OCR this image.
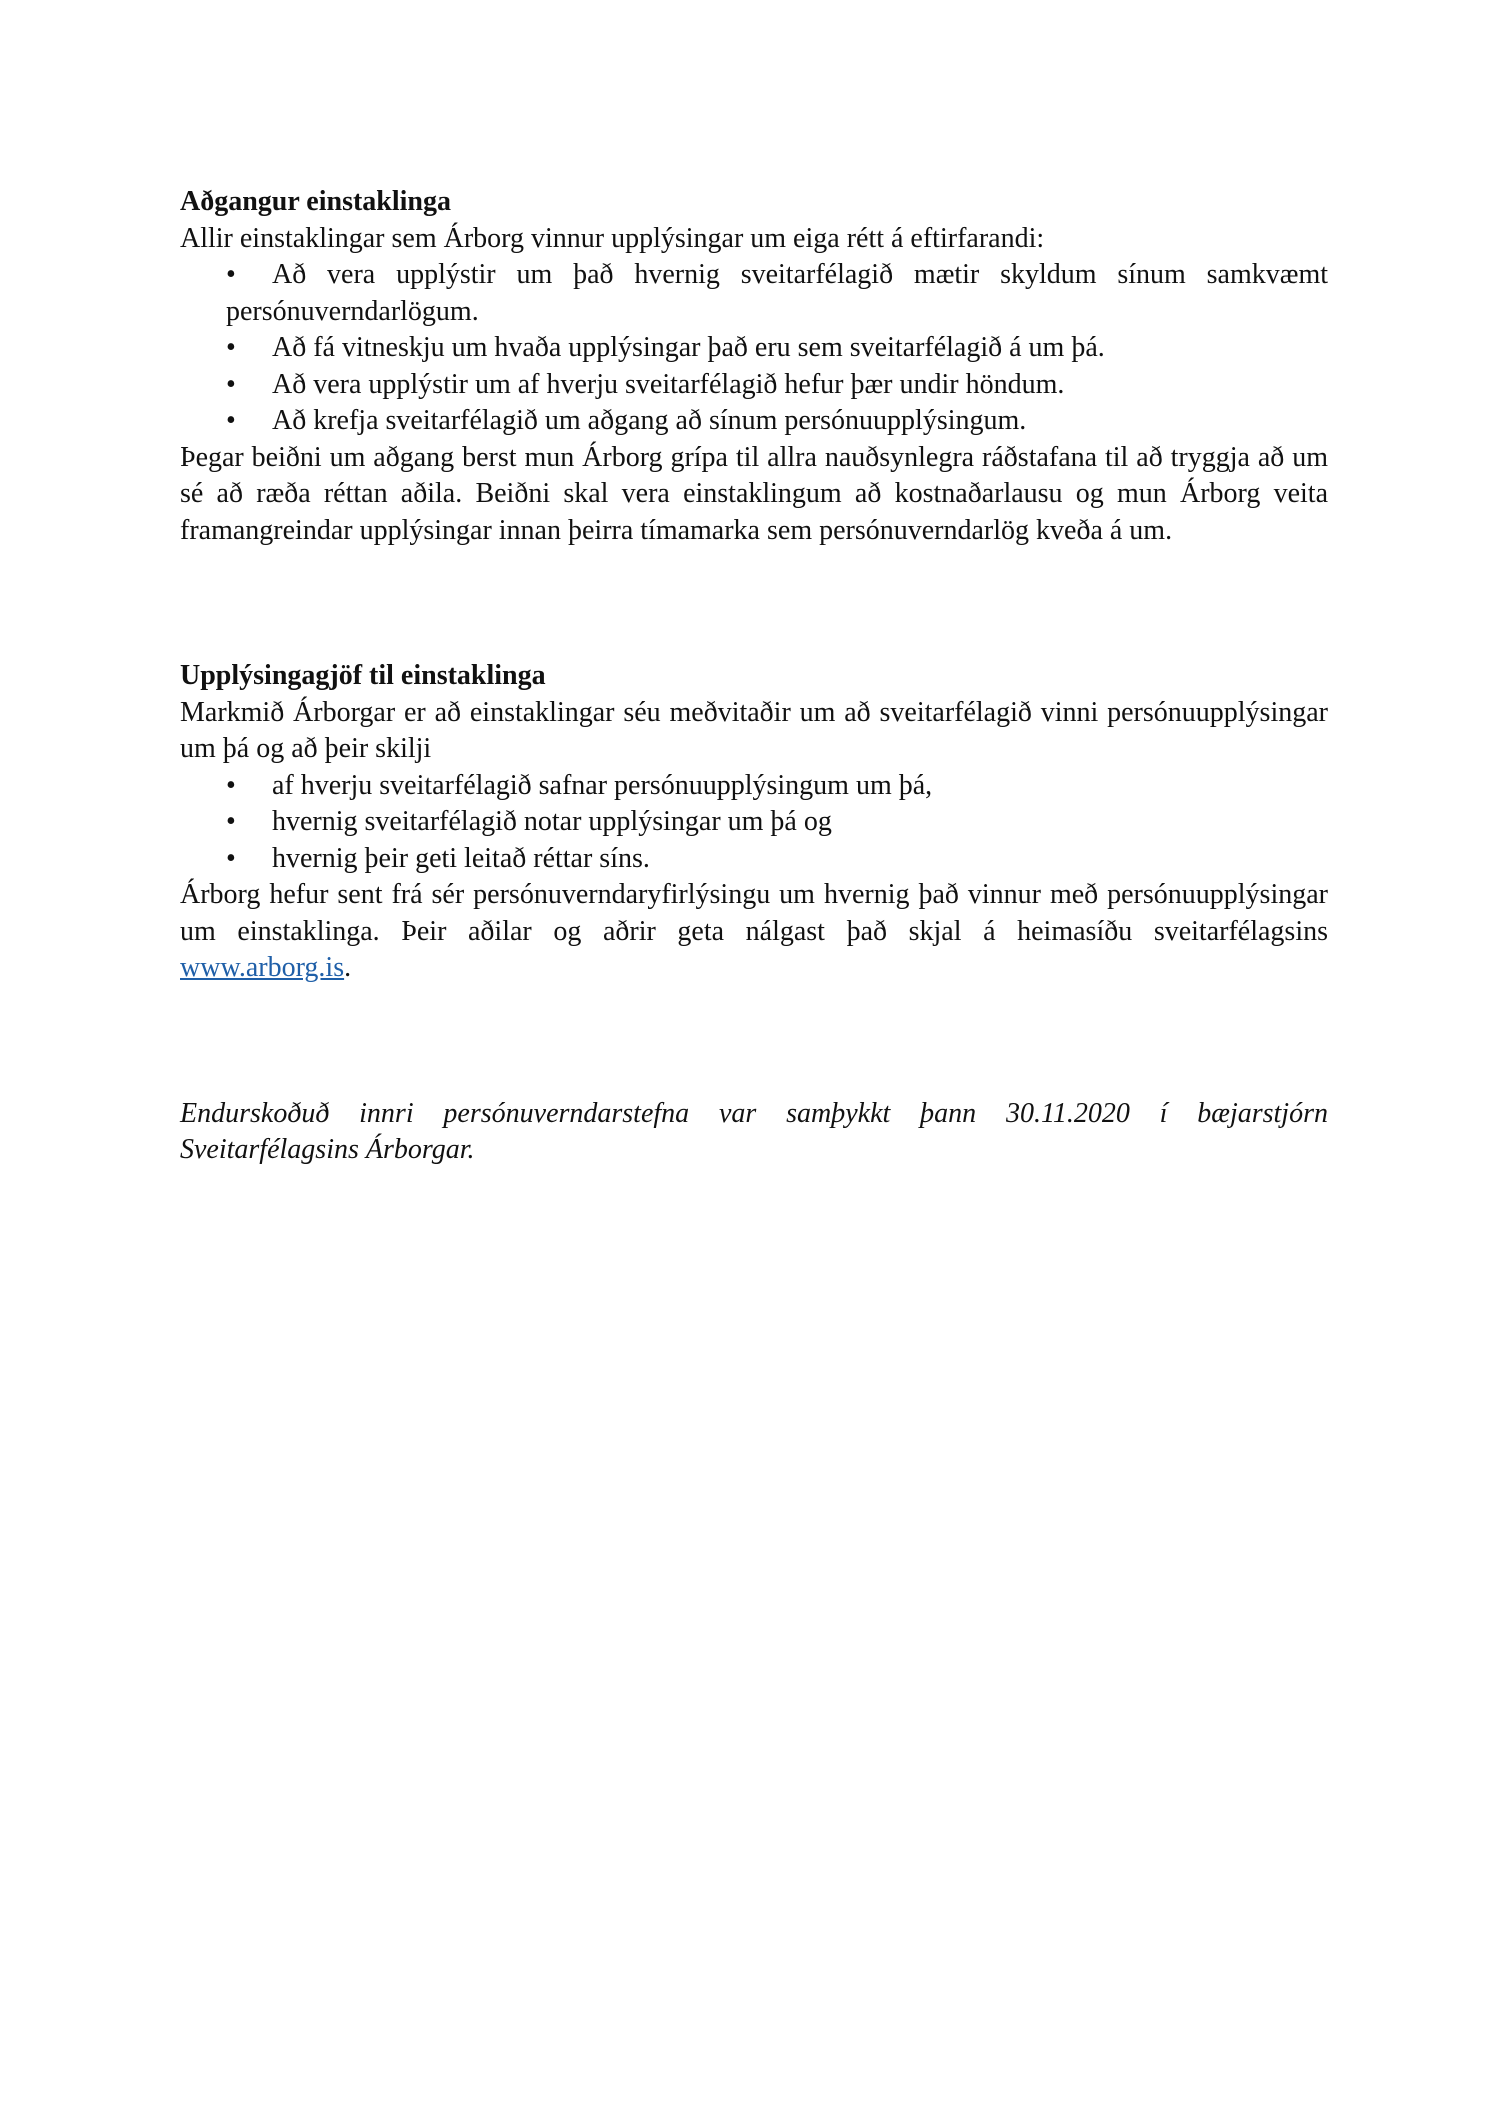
Aðgangur einstaklinga

Allir einstaklingar sem Árborg vinnur upplýsingar um eiga rétt á eftirfarandi:

•	Að vera upplýstir um það hvernig sveitarfélagið mætir skyldum sínum samkvæmt persónuverndarlögum.
•	Að fá vitneskju um hvaða upplýsingar það eru sem sveitarfélagið á um þá.
•	Að vera upplýstir um af hverju sveitarfélagið hefur þær undir höndum.
•	Að krefja sveitarfélagið um aðgang að sínum persónuupplýsingum.

Þegar beiðni um aðgang berst mun Árborg grípa til allra nauðsynlegra ráðstafana til að tryggja að um sé að ræða réttan aðila. Beiðni skal vera einstaklingum að kostnaðarlausu og mun Árborg veita framangreindar upplýsingar innan þeirra tímamarka sem persónuverndarlög kveða á um.

Upplýsingagjöf til einstaklinga

Markmið Árborgar er að einstaklingar séu meðvitaðir um að sveitarfélagið vinni persónuupplýsingar um þá og að þeir skilji

•	af hverju sveitarfélagið safnar persónuupplýsingum um þá,
•	hvernig sveitarfélagið notar upplýsingar um þá og
•	hvernig þeir geti leitað réttar síns.

Árborg hefur sent frá sér persónuverndaryfirlýsingu um hvernig það vinnur með persónuupplýsingar um einstaklinga. Þeir aðilar og aðrir geta nálgast það skjal á heimasíðu sveitarfélagsins www.arborg.is.

Endurskoðuð innri persónuverndarstefna var samþykkt þann 30.11.2020 í bæjarstjórn Sveitarfélagsins Árborgar.
